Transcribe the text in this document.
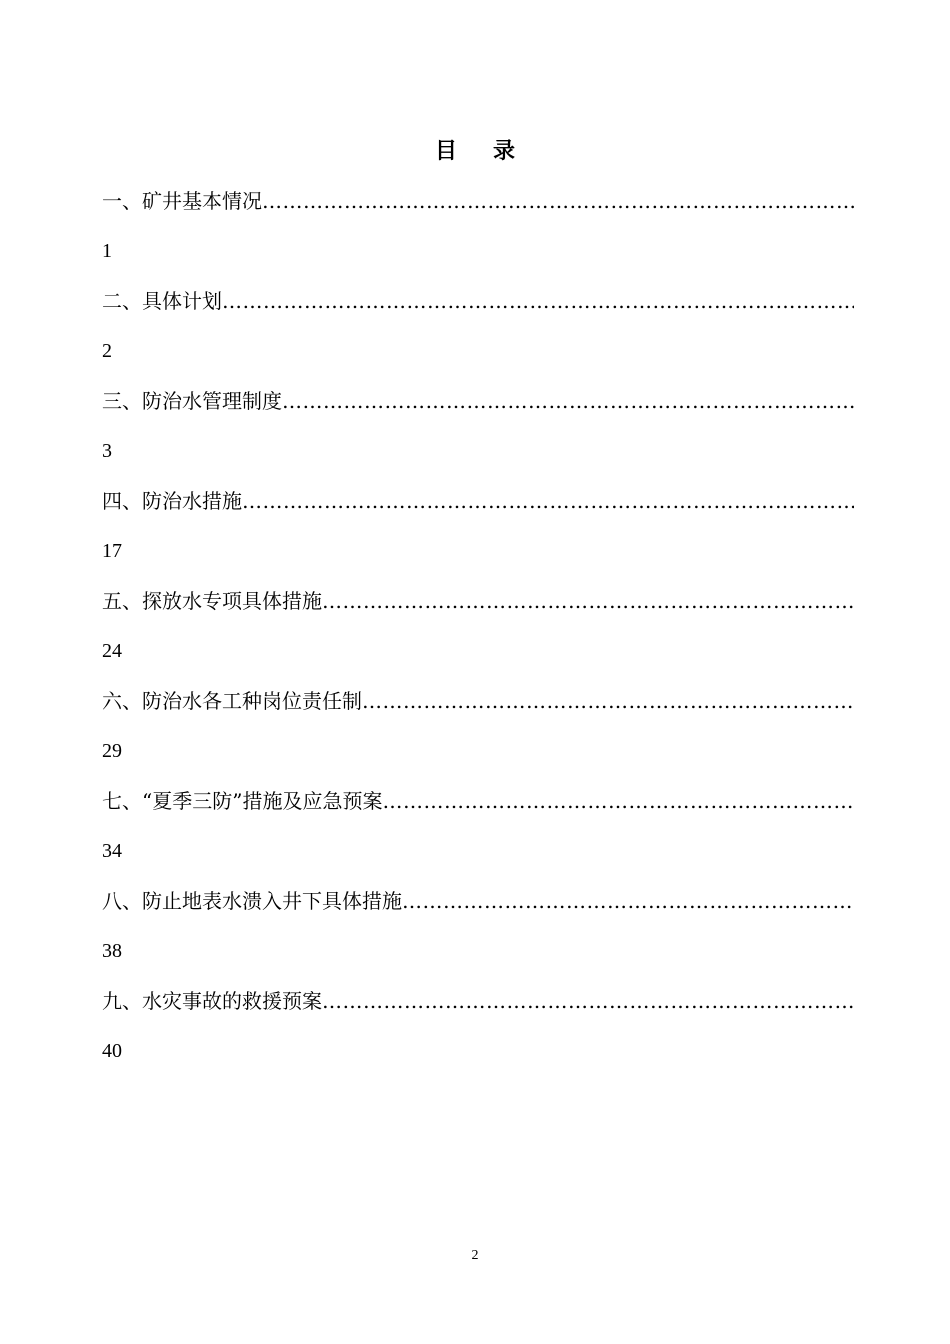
目录
一、矿井基本情况
……………………………………………………………………………………………………………………………………
1
二、具体计划
……………………………………………………………………………………………………………………………………
2
三、防治水管理制度
……………………………………………………………………………………………………………………………………
3
四、防治水措施
……………………………………………………………………………………………………………………………………
17
五、探放水专项具体措施
……………………………………………………………………………………………………………………………………
24
六、防治水各工种岗位责任制
……………………………………………………………………………………………………………………………………
29
七、“夏季三防”措施及应急预案
……………………………………………………………………………………………………………………………………
34
八、防止地表水溃入井下具体措施
……………………………………………………………………………………………………………………………………
38
九、水灾事故的救援预案
……………………………………………………………………………………………………………………………………
40
2
